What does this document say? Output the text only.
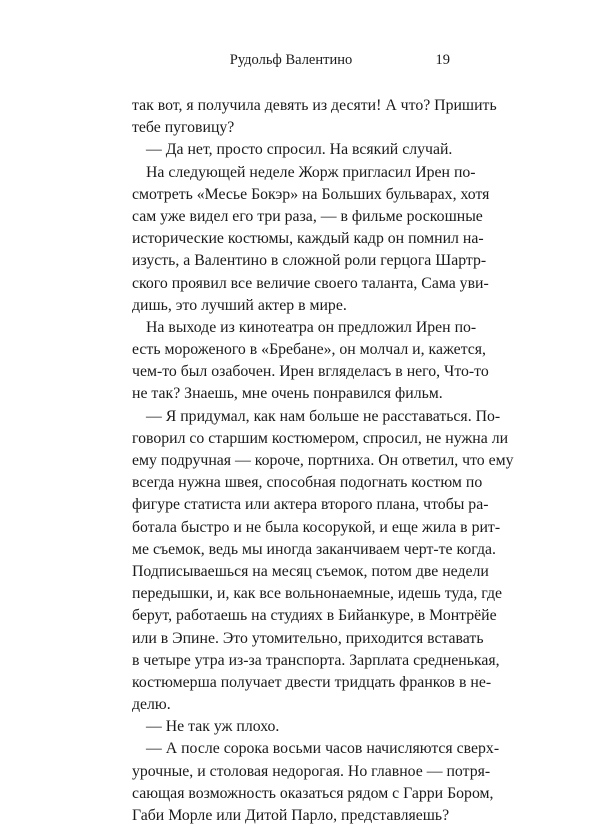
Рудольф Валентино	19
так вот, я получила девять из десяти! А что? Пришить
тебе пуговицу?
— Да нет, просто спросил. На всякий случай.
На следующей неделе Жорж пригласил Ирен по-
смотреть «Месье Бокэр» на Больших бульварах, хотя
сам уже видел его три раза, — в фильме роскошные
исторические костюмы, каждый кадр он помнил на-
изусть, а Валентино в сложной роли герцога Шартр-
ского проявил все величие своего таланта, Сама уви-
дишь, это лучший актер в мире.
На выходе из кинотеатра он предложил Ирен по-
есть мороженого в «Бребане», он молчал и, кажется,
чем-то был озабочен. Ирен вгляделасъ в него, Что-то
не так? Знаешь, мне очень понравился фильм.
— Я придумал, как нам больше не расставаться. По-
говорил со старшим костюмером, спросил, не нужна ли
ему подручная — короче, портниха. Он ответил, что ему
всегда нужна швея, способная подогнать костюм по
фигуре статиста или актера второго плана, чтобы ра-
ботала быстро и не была косорукой, и еще жила в рит-
ме съемок, ведь мы иногда заканчиваем черт-те когда.
Подписываешься на месяц съемок, потом две недели
передышки, и, как все вольнонаемные, идешь туда, где
берут, работаешь на студиях в Бийанкуре, в Монтрёйе
или в Эпине. Это утомительно, приходится вставать
в четыре утра из-за транспорта. Зарплата средненькая,
костюмерша получает двести тридцать франков в не-
делю.
— Не так уж плохо.
— А после сорока восьми часов начисляются сверх-
урочные, и столовая недорогая. Но главное — потря-
сающая возможность оказаться рядом с Гарри Бором,
Габи Морле или Дитой Парло, представляешь?
